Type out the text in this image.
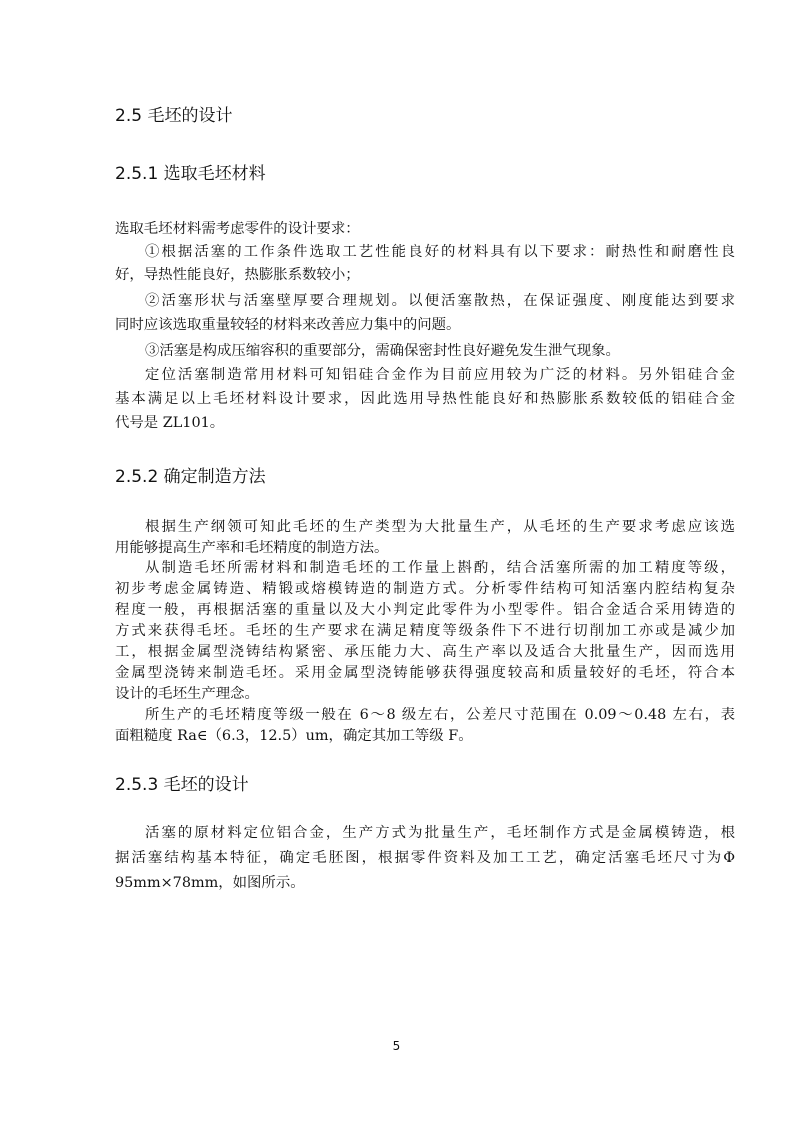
2.5 毛坯的设计
2.5.1 选取毛坯材料
选取毛坯材料需考虑零件的设计要求：
①根据活塞的工作条件选取工艺性能良好的材料具有以下要求：耐热性和耐磨性良
好，导热性能良好，热膨胀系数较小；
②活塞形状与活塞壁厚要合理规划。以便活塞散热，在保证强度、刚度能达到要求
同时应该选取重量较轻的材料来改善应力集中的问题。
③活塞是构成压缩容积的重要部分，需确保密封性良好避免发生泄气现象。
定位活塞制造常用材料可知铝硅合金作为目前应用较为广泛的材料。另外铝硅合金
基本满足以上毛坯材料设计要求，因此选用导热性能良好和热膨胀系数较低的铝硅合金
代号是 ZL101。
2.5.2 确定制造方法
根据生产纲领可知此毛坯的生产类型为大批量生产，从毛坯的生产要求考虑应该选
用能够提高生产率和毛坯精度的制造方法。
从制造毛坯所需材料和制造毛坯的工作量上斟酌，结合活塞所需的加工精度等级，
初步考虑金属铸造、精锻或熔模铸造的制造方式。分析零件结构可知活塞内腔结构复杂
程度一般，再根据活塞的重量以及大小判定此零件为小型零件。铝合金适合采用铸造的
方式来获得毛坯。毛坯的生产要求在满足精度等级条件下不进行切削加工亦或是减少加
工，根据金属型浇铸结构紧密、承压能力大、高生产率以及适合大批量生产，因而选用
金属型浇铸来制造毛坯。采用金属型浇铸能够获得强度较高和质量较好的毛坯，符合本
设计的毛坯生产理念。
所生产的毛坯精度等级一般在 6～8 级左右，公差尺寸范围在 0.09～0.48 左右，表
面粗糙度 Ra∈（6.3，12.5）um，确定其加工等级 F。
2.5.3 毛坯的设计
活塞的原材料定位铝合金，生产方式为批量生产，毛坯制作方式是金属模铸造，根
据活塞结构基本特征，确定毛胚图，根据零件资料及加工工艺，确定活塞毛坯尺寸为Φ
95mm×78mm，如图所示。
5
